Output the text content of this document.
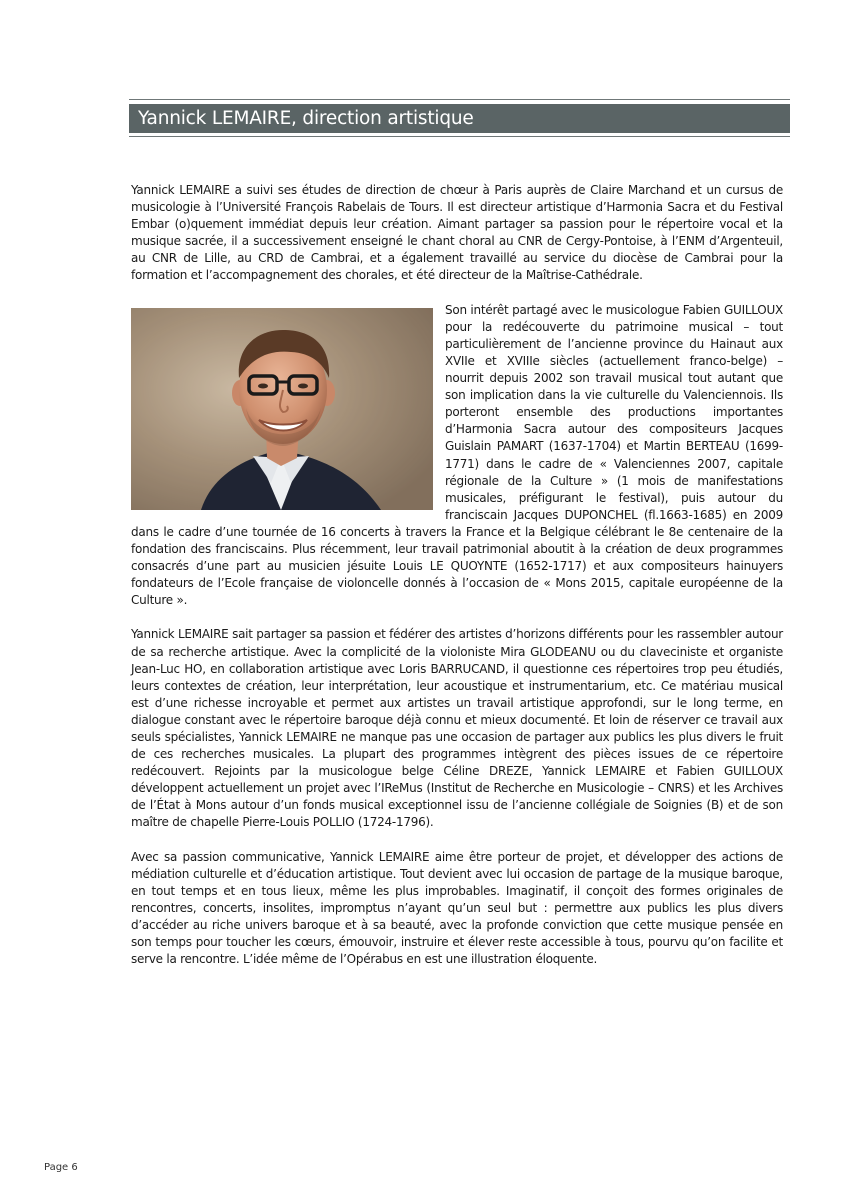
Yannick LEMAIRE, direction artistique

Yannick LEMAIRE a suivi ses études de direction de chœur à Paris auprès de Claire Marchand et un cursus de musicologie à l’Université François Rabelais de Tours. Il est directeur artistique d’Harmonia Sacra et du Festival Embar (o)quement immédiat depuis leur création. Aimant partager sa passion pour le répertoire vocal et la musique sacrée, il a successivement enseigné le chant choral au CNR de Cergy-Pontoise, à l’ENM d’Argenteuil, au CNR de Lille, au CRD de Cambrai, et a également travaillé au service du diocèse de Cambrai pour la formation et l’accompagnement des chorales, et été directeur de la Maîtrise-Cathédrale.

Son intérêt partagé avec le musicologue Fabien GUILLOUX pour la redécouverte du patrimoine musical – tout particulièrement de l’ancienne province du Hainaut aux XVIIe et XVIIIe siècles (actuellement franco-belge) – nourrit depuis 2002 son travail musical tout autant que son implication dans la vie culturelle du Valenciennois. Ils porteront ensemble des productions importantes d’Harmonia Sacra autour des compositeurs Jacques Guislain PAMART (1637-1704) et Martin BERTEAU (1699-1771) dans le cadre de « Valenciennes 2007, capitale régionale de la Culture » (1 mois de manifestations musicales, préfigurant le festival), puis autour du franciscain Jacques DUPONCHEL (fl.1663-1685) en 2009 dans le cadre d’une tournée de 16 concerts à travers la France et la Belgique célébrant le 8e centenaire de la fondation des franciscains. Plus récemment, leur travail patrimonial aboutit à la création de deux programmes consacrés d’une part au musicien jésuite Louis LE QUOYNTE (1652-1717) et aux compositeurs hainuyers fondateurs de l’Ecole française de violoncelle donnés à l’occasion de « Mons 2015, capitale européenne de la Culture ».

Yannick LEMAIRE sait partager sa passion et fédérer des artistes d’horizons différents pour les rassembler autour de sa recherche artistique. Avec la complicité de la violoniste Mira GLODEANU ou du claveciniste et organiste Jean-Luc HO, en collaboration artistique avec Loris BARRUCAND, il questionne ces répertoires trop peu étudiés, leurs contextes de création, leur interprétation, leur acoustique et instrumentarium, etc. Ce matériau musical est d’une richesse incroyable et permet aux artistes un travail artistique approfondi, sur le long terme, en dialogue constant avec le répertoire baroque déjà connu et mieux documenté. Et loin de réserver ce travail aux seuls spécialistes, Yannick LEMAIRE ne manque pas une occasion de partager aux publics les plus divers le fruit de ces recherches musicales. La plupart des programmes intègrent des pièces issues de ce répertoire redécouvert. Rejoints par la musicologue belge Céline DREZE, Yannick LEMAIRE et Fabien GUILLOUX développent actuellement un projet avec l’IReMus (Institut de Recherche en Musicologie – CNRS) et les Archives de l’État à Mons autour d’un fonds musical exceptionnel issu de l’ancienne collégiale de Soignies (B) et de son maître de chapelle Pierre-Louis POLLIO (1724-1796).

Avec sa passion communicative, Yannick LEMAIRE aime être porteur de projet, et développer des actions de médiation culturelle et d’éducation artistique. Tout devient avec lui occasion de partage de la musique baroque, en tout temps et en tous lieux, même les plus improbables. Imaginatif, il conçoit des formes originales de rencontres, concerts, insolites, impromptus n’ayant qu’un seul but : permettre aux publics les plus divers d’accéder au riche univers baroque et à sa beauté, avec la profonde conviction que cette musique pensée en son temps pour toucher les cœurs, émouvoir, instruire et élever reste accessible à tous, pourvu qu’on facilite et serve la rencontre. L’idée même de l’Opérabus en est une illustration éloquente.

Page 6
